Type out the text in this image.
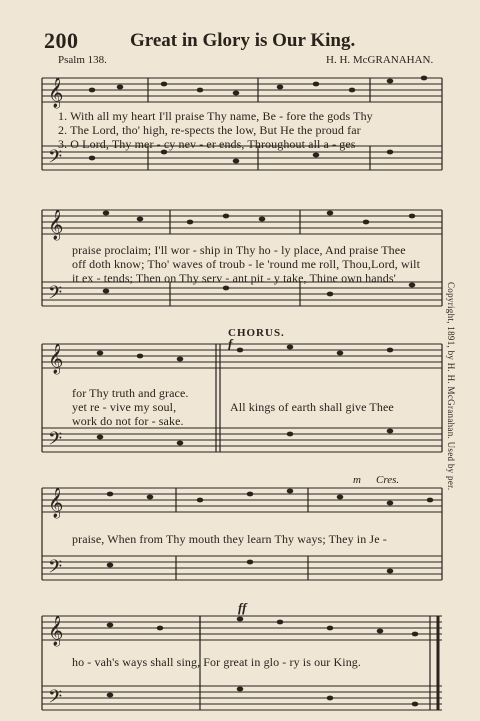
200	Great in Glory is Our King.
Psalm 138.	H. H. McGRANAHAN.
𝄞
𝄢
𝄞
𝄢
𝄞
𝄢
f
𝄞
𝄢
𝄞
𝄢
ff
1. With all my heart I'll praise Thy name, Be - fore the gods Thy
2. The Lord, tho' high, re-spects the low, But He the proud far
3. O Lord, Thy mer - cy nev - er ends, Throughout all a - ges
praise proclaim; I'll wor - ship in Thy ho - ly place, And praise Thee
off doth know; Tho' waves of troub - le 'round me roll, Thou,Lord, wilt
it ex - tends; Then on Thy serv - ant pit - y take, Thine own hands'
CHORUS.
for Thy truth and grace.
yet re - vive my soul,
work do not for - sake.
All kings of earth shall give Thee
m Cres.
praise, When from Thy mouth they learn Thy ways; They in Je -
ho - vah's ways shall sing, For great in glo - ry is our King.
Copyright, 1891, by H. H. McGranahan. Used by per.
